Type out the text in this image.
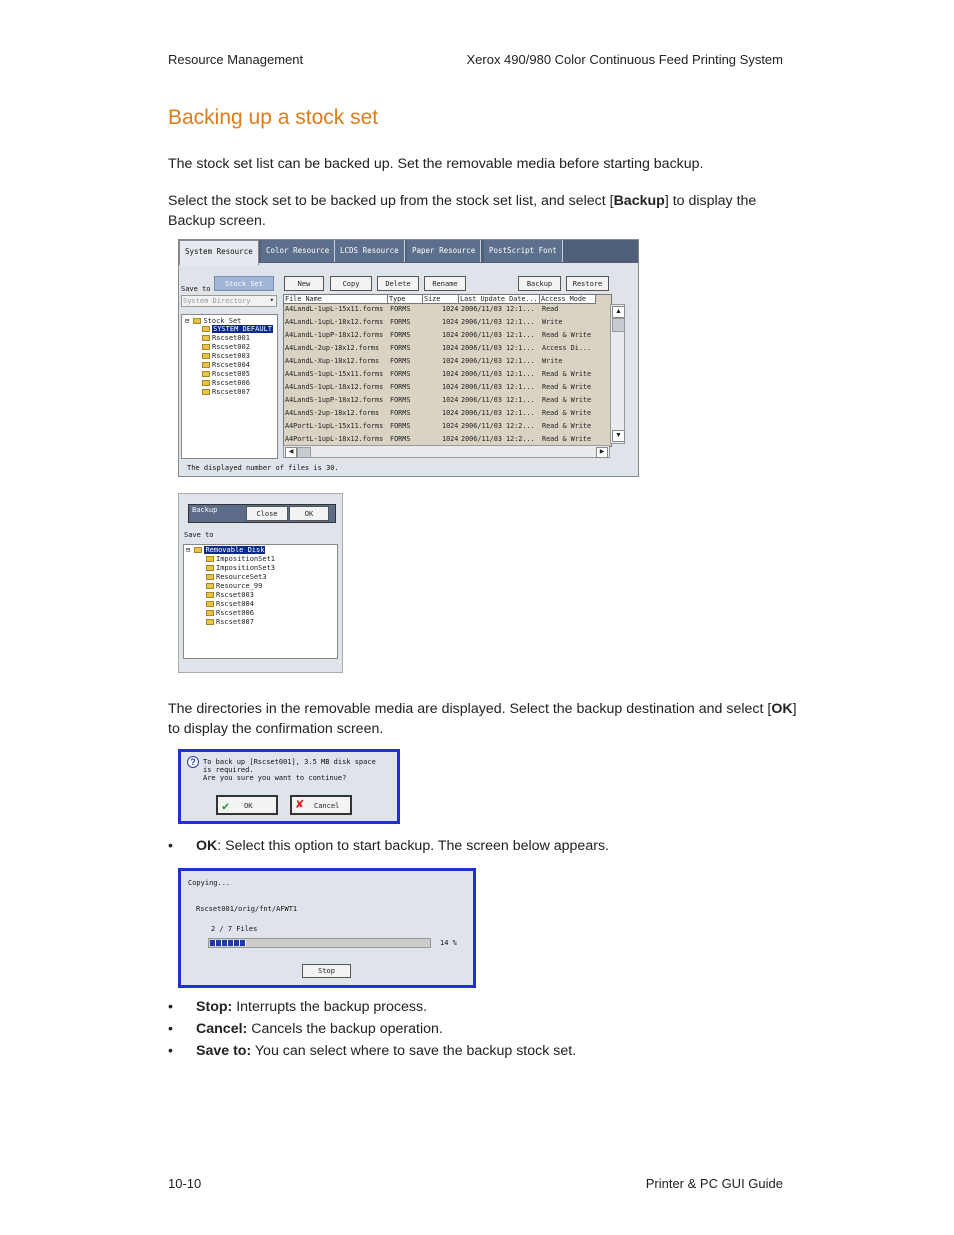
Resource Management	Xerox 490/980 Color Continuous Feed Printing System
Backing up a stock set
The stock set list can be backed up. Set the removable media before starting backup.
Select the stock set to be backed up from the stock set list, and select [Backup] to display the Backup screen.
System Resource	Color Resource	LCDS Resource	Paper Resource	PostScript Font
Save to
Stock Set	New	Copy	Delete	Rename	Backup	Restore
System Directory	▾
⊟ Stock Set
SYSTEM DEFAULT
Rscset001
Rscset002
Rscset003
Rscset004
Rscset005
Rscset006
Rscset007
File Name	Type	Size	Last Update Date... Access Mode
A4LandL-1upL-15x11.forms FORMS	1024 2006/11/03 12:1... Read
A4LandL-1upL-18x12.forms FORMS	1024 2006/11/03 12:1... Write
A4LandL-1upP-18x12.forms FORMS	1024 2006/11/03 12:1... Read & Write
A4LandL-2up-18x12.forms FORMS	1024 2006/11/03 12:1... Access Di...
A4LandL-Xup-18x12.forms FORMS	1024 2006/11/03 12:1... Write
A4LandS-1upL-15x11.forms FORMS	1024 2006/11/03 12:1... Read & Write
A4LandS-1upL-18x12.forms FORMS	1024 2006/11/03 12:1... Read & Write
A4LandS-1upP-18x12.forms FORMS	1024 2006/11/03 12:1... Read & Write
A4LandS-2up-18x12.forms FORMS	1024 2006/11/03 12:1... Read & Write
A4PortL-1upL-15x11.forms FORMS	1024 2006/11/03 12:2... Read & Write
A4PortL-1upL-18x12.forms FORMS	1024 2006/11/03 12:2... Read & Write
▲
▼
◀	▶
The displayed number of files is 30.
Backup	Close	OK
Save to
⊟ Removable Disk
ImpositionSet1
ImpositionSet3
ResourceSet3
Resource_99
Rscset003
Rscset004
Rscset006
Rscset007
The directories in the removable media are displayed. Select the backup destination and select [OK] to display the confirmation screen.
?	To back up [Rscset001], 3.5 MB disk space
is required.
Are you sure you want to continue?
✔ OK	✘ Cancel
• OK: Select this option to start backup. The screen below appears.
Copying...
Rscset001/orig/fnt/AFWT1
2 / 7 Files
14 %
Stop
• Stop: Interrupts the backup process.
• Cancel: Cancels the backup operation.
• Save to: You can select where to save the backup stock set.
10-10	Printer & PC GUI Guide
